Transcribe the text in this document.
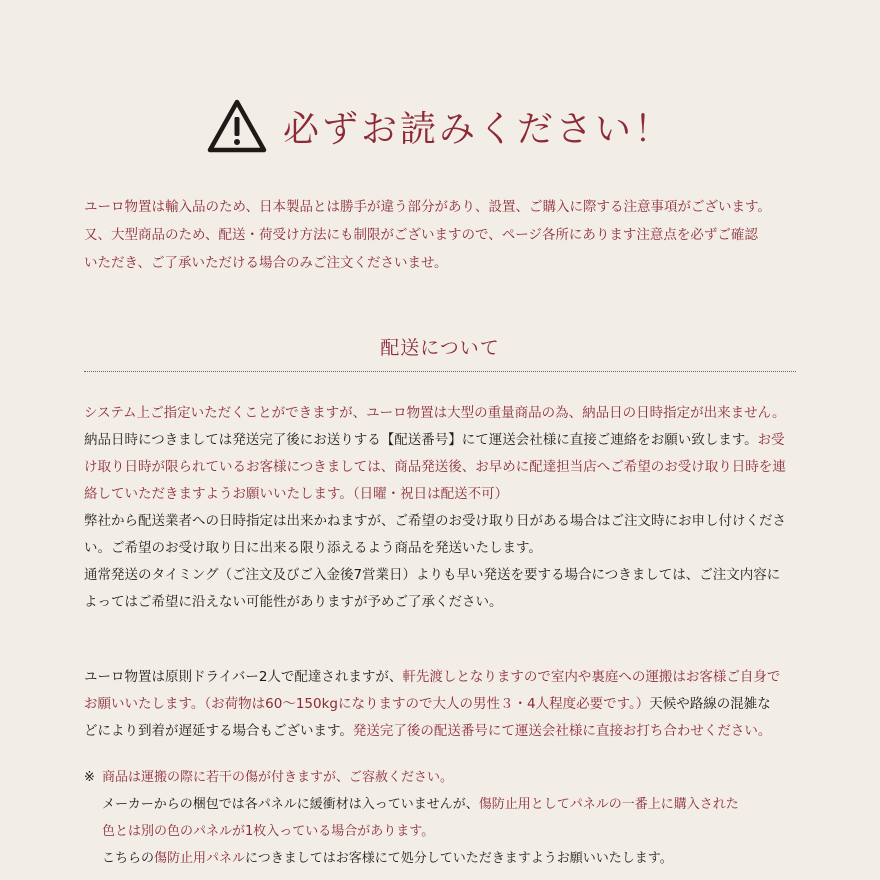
必ずお読みください！

ユーロ物置は輸入品のため、日本製品とは勝手が違う部分があり、設置、ご購入に際する注意事項がございます。

又、大型商品のため、配送・荷受け方法にも制限がございますので、ページ各所にあります注意点を必ずご確認

いただき、ご了承いただける場合のみご注文くださいませ。

配送について

システム上ご指定いただくことができますが、ユーロ物置は大型の重量商品の為、納品日の日時指定が出来ません。

納品日時につきましては発送完了後にお送りする【配送番号】にて運送会社様に直接ご連絡をお願い致します。お受

け取り日時が限られているお客様につきましては、商品発送後、お早めに配達担当店へご希望のお受け取り日時を連

絡していただきますようお願いいたします。（日曜・祝日は配送不可）

弊社から配送業者への日時指定は出来かねますが、ご希望のお受け取り日がある場合はご注文時にお申し付けくださ

い。ご希望のお受け取り日に出来る限り添えるよう商品を発送いたします。

通常発送のタイミング（ご注文及びご入金後7営業日）よりも早い発送を要する場合につきましては、ご注文内容に

よってはご希望に沿えない可能性がありますが予めご了承ください。

ユーロ物置は原則ドライバー2人で配達されますが、軒先渡しとなりますので室内や裏庭への運搬はお客様ご自身で

お願いいたします。（お荷物は60〜150kgになりますので大人の男性３・4人程度必要です。）天候や路線の混雑な

どにより到着が遅延する場合もございます。発送完了後の配送番号にて運送会社様に直接お打ち合わせください。

※ 商品は運搬の際に若干の傷が付きますが、ご容赦ください。

メーカーからの梱包では各パネルに緩衝材は入っていませんが、傷防止用としてパネルの一番上に購入された

色とは別の色のパネルが1枚入っている場合があります。

こちらの傷防止用パネルにつきましてはお客様にて処分していただきますようお願いいたします。
